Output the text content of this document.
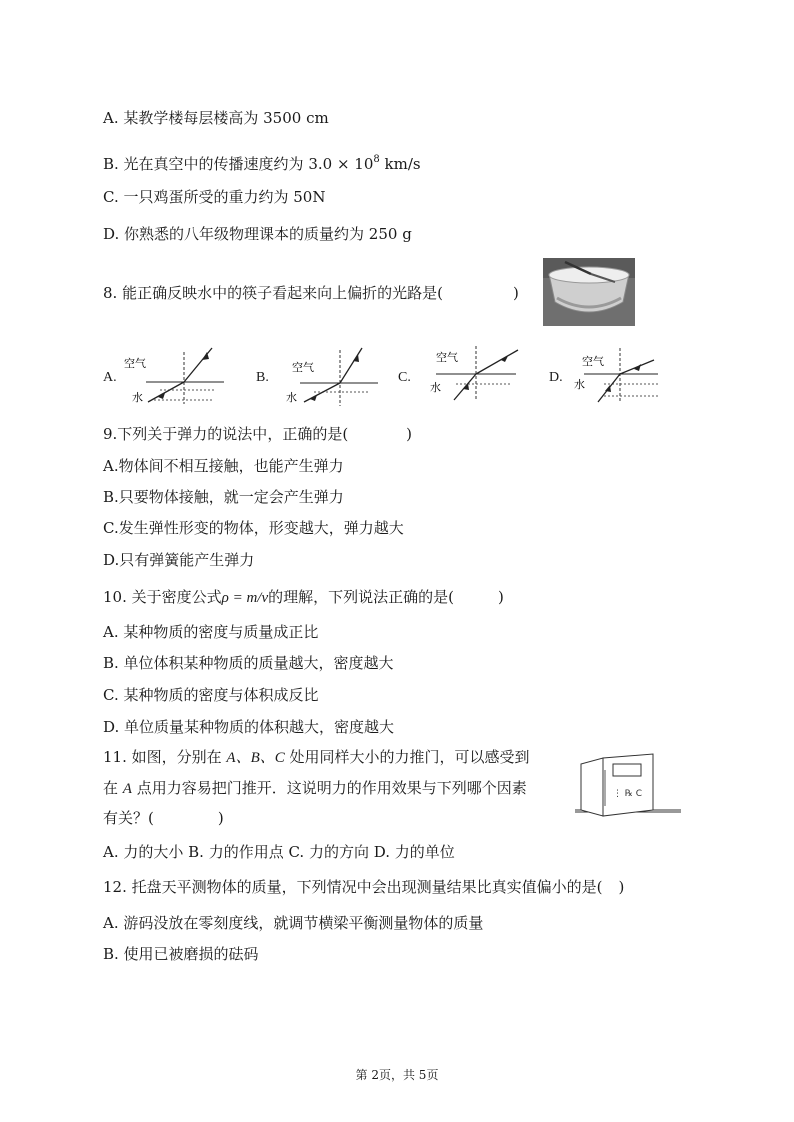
A. 某教学楼每层楼高为 3500 cm
B. 光在真空中的传播速度约为 $3.0 \times 10^8$ km/s
C. 一只鸡蛋所受的重力约为 50N
D. 你熟悉的八年级物理课本的质量约为 250 g
8. 能正确反映水中的筷子看起来向上偏折的光路是(	)
A.
空气
水
B.
空气
水
C.
空气
水
D.
空气
水
9.下列关于弹力的说法中，正确的是(	)
A.物体间不相互接触，也能产生弹力
B.只要物体接触，就一定会产生弹力
C.发生弹性形变的物体，形变越大，弹力越大
D.只有弹簧能产生弹力
10. 关于密度公式ρ = m/v的理解，下列说法正确的是(	)
A. 某种物质的密度与质量成正比
B. 单位体积某种物质的质量越大，密度越大
C. 某种物质的密度与体积成反比
D. 单位质量某种物质的体积越大，密度越大
11. 如图，分别在 A、B、C 处用同样大小的力推门，可以感受到
在 A 点用力容易把门推开．这说明力的作用效果与下列哪个因素
有关？(	)
A. 力的大小 B. 力的作用点 C. 力的方向 D. 力的单位
⋮ ℞ C
12. 托盘天平测物体的质量，下列情况中会出现测量结果比真实值偏小的是( )
A. 游码没放在零刻度线，就调节横梁平衡测量物体的质量
B. 使用已被磨损的砝码
第 2页，共 5页
